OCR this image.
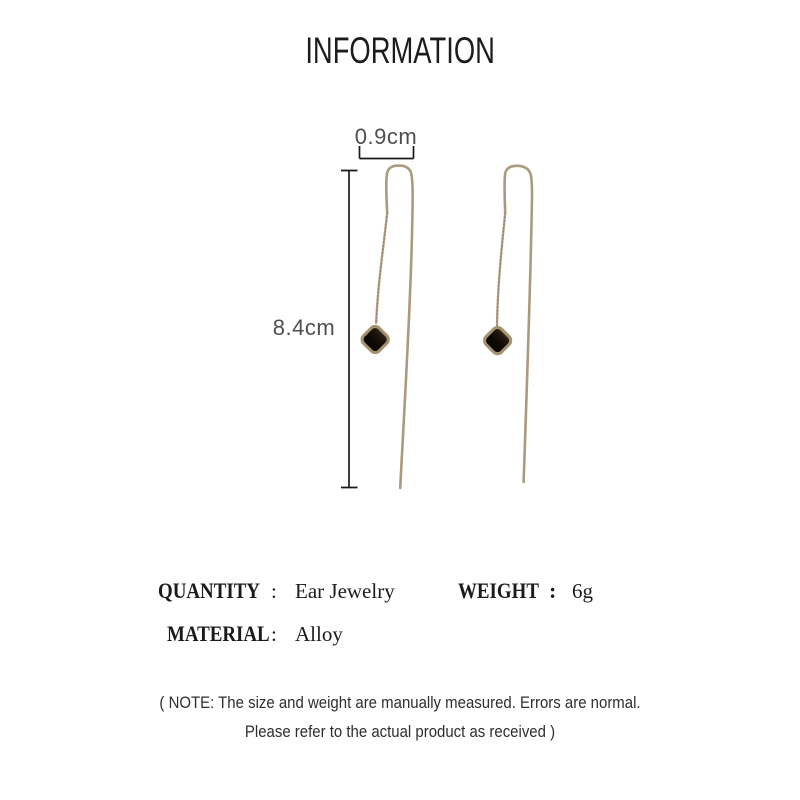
INFORMATION
0.9cm
8.4cm
QUANTITY : Ear Jewelry	WEIGHT : 6g
MATERIAL : Alloy
( NOTE: The size and weight are manually measured. Errors are normal.
Please refer to the actual product as received )
